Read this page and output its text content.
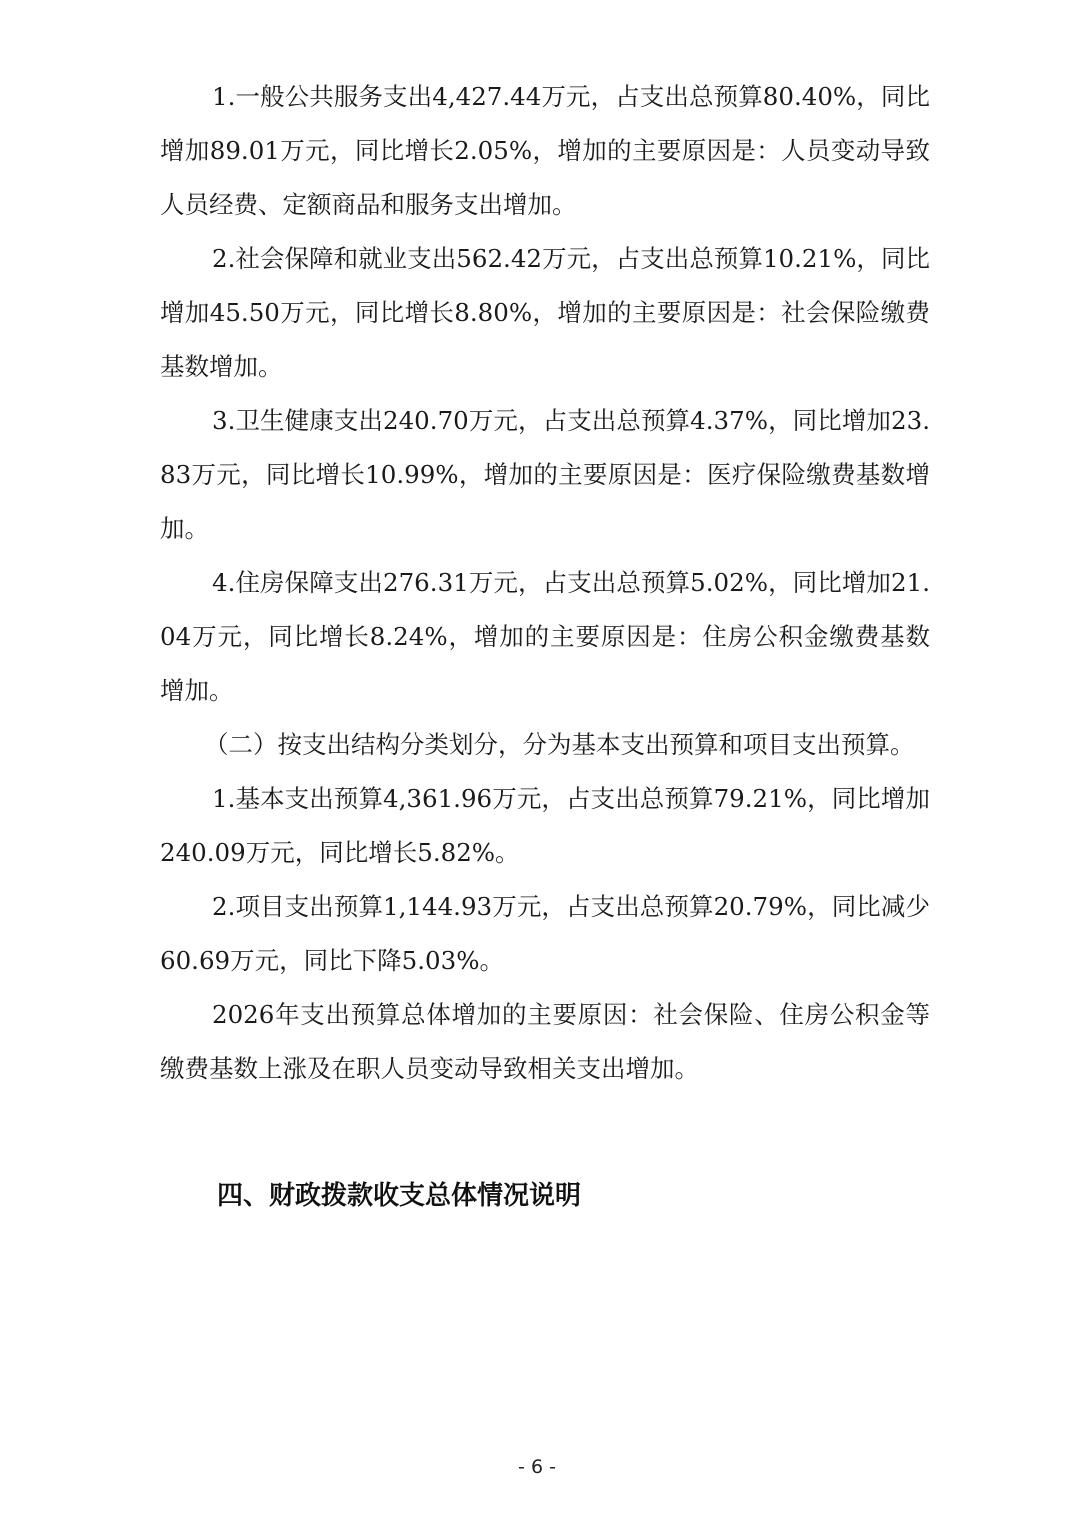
1.一般公共服务支出4,427.44万元，占支出总预算80.40%，同比增加89.01万元，同比增长2.05%，增加的主要原因是：人员变动导致人员经费、定额商品和服务支出增加。

2.社会保障和就业支出562.42万元，占支出总预算10.21%，同比增加45.50万元，同比增长8.80%，增加的主要原因是：社会保险缴费基数增加。

3.卫生健康支出240.70万元，占支出总预算4.37%，同比增加23.83万元，同比增长10.99%，增加的主要原因是：医疗保险缴费基数增加。

4.住房保障支出276.31万元，占支出总预算5.02%，同比增加21.04万元，同比增长8.24%，增加的主要原因是：住房公积金缴费基数增加。

（二）按支出结构分类划分，分为基本支出预算和项目支出预算。

1.基本支出预算4,361.96万元，占支出总预算79.21%，同比增加240.09万元，同比增长5.82%。

2.项目支出预算1,144.93万元，占支出总预算20.79%，同比减少60.69万元，同比下降5.03%。

2026年支出预算总体增加的主要原因：社会保险、住房公积金等缴费基数上涨及在职人员变动导致相关支出增加。

四、财政拨款收支总体情况说明
- 6 -
